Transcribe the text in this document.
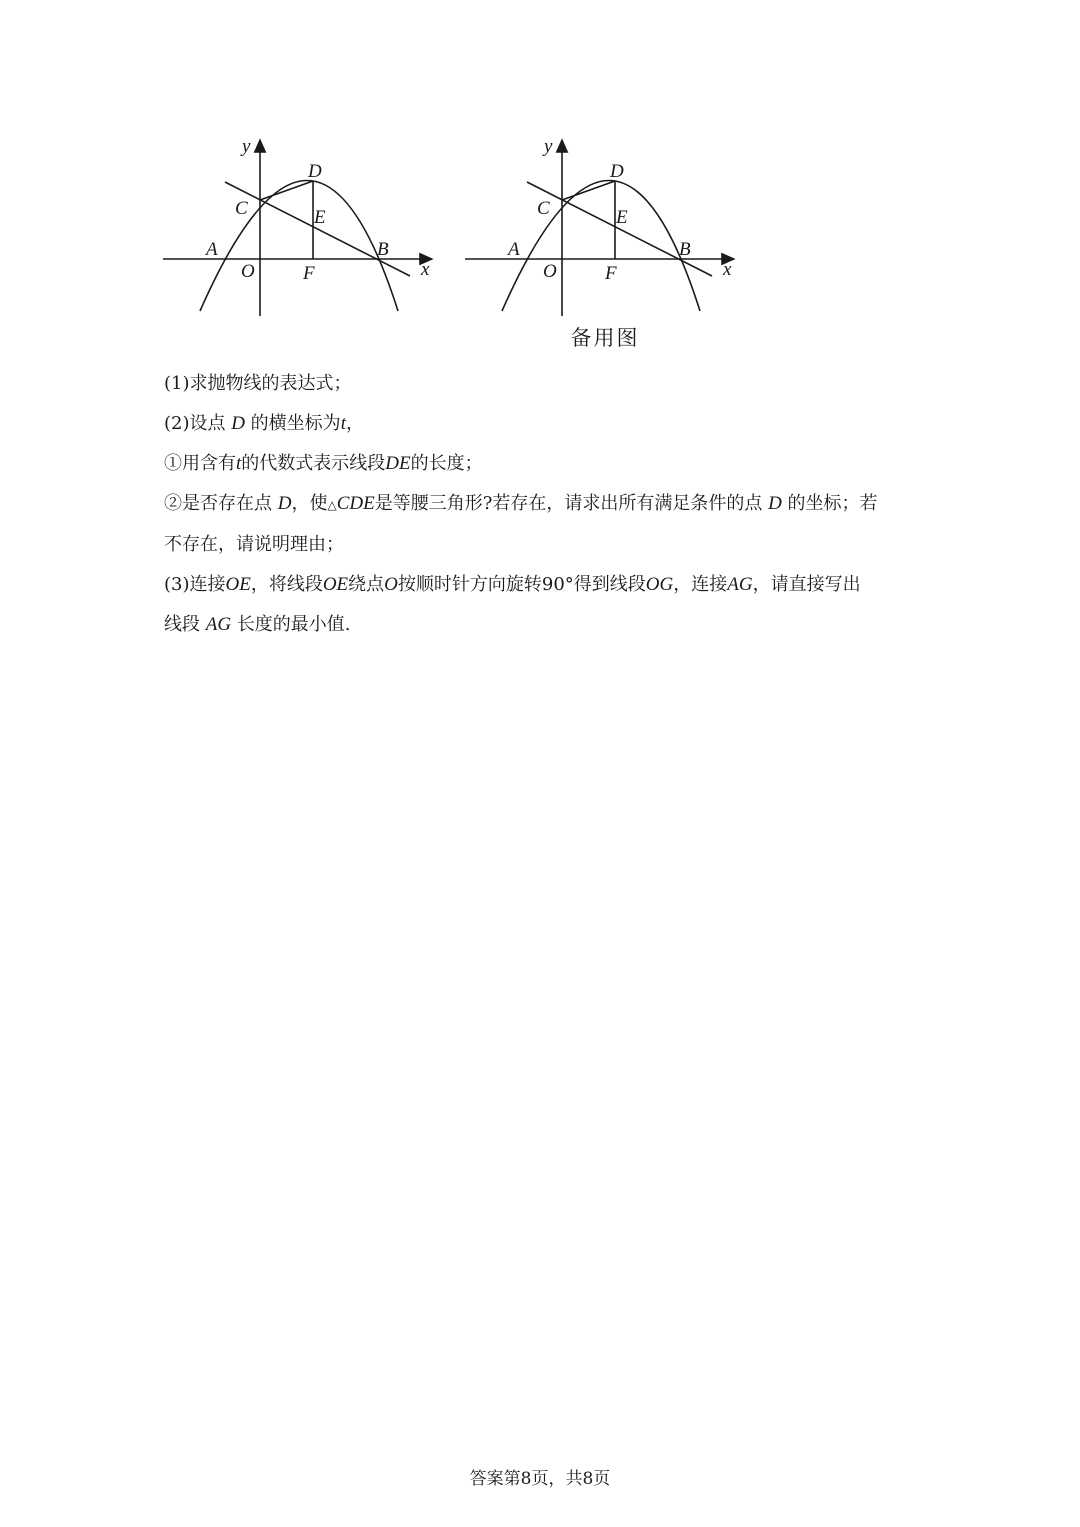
y
D
C	E
A	B
O	F	x
y
D
C	E
A	B
O	F	x
备用图

(1)求抛物线的表达式；

(2)设点 D 的横坐标为t，

①用含有t的代数式表示线段DE的长度；

②是否存在点 D，使△CDE是等腰三角形?若存在，请求出所有满足条件的点 D 的坐标；若

不存在，请说明理由；

(3)连接OE，将线段OE绕点O按顺时针方向旋转90°得到线段OG，连接AG，请直接写出

线段 AG 长度的最小值.

答案第8页，共8页
